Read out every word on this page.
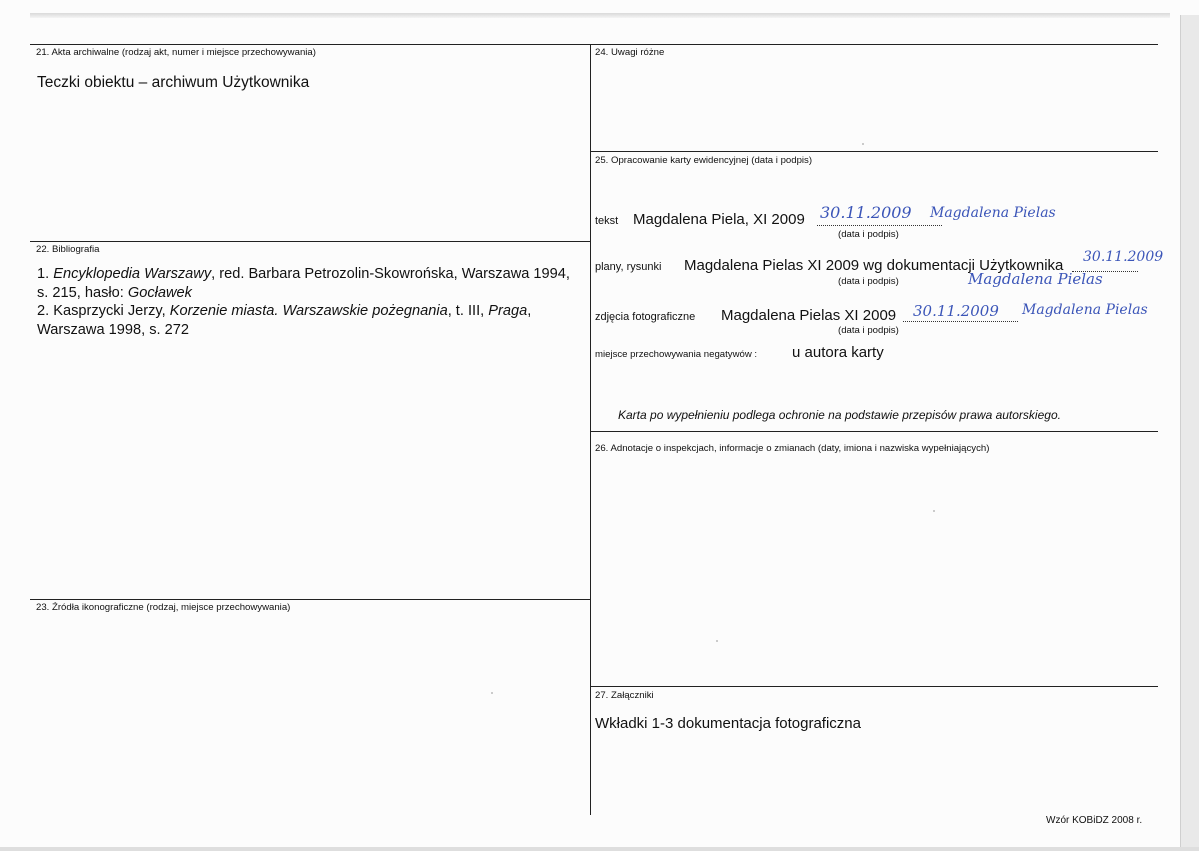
21. Akta archiwalne (rodzaj akt, numer i miejsce przechowywania)
Teczki obiektu – archiwum Użytkownika
22. Bibliografia

1. Encyklopedia Warszawy, red. Barbara Petrozolin-Skowrońska, Warszawa 1994, s. 215, hasło: Gocławek

2. Kasprzycki Jerzy, Korzenie miasta. Warszawskie pożegnania, t. III, Praga, Warszawa 1998, s. 272

23. Źródła ikonograficzne (rodzaj, miejsce przechowywania)
24. Uwagi różne
25. Opracowanie karty ewidencyjnej (data i podpis)
tekst Magdalena Piela, XI 2009 30.11.2009 Magdalena Pielas
(data i podpis)
plany, rysunki Magdalena Pielas XI 2009 wg dokumentacji Użytkownika 30.11.2009
Magdalena Pielas
(data i podpis)
zdjęcia fotograficzne Magdalena Pielas XI 2009 30.11.2009 Magdalena Pielas
(data i podpis)
miejsce przechowywania negatywów : u autora karty
Karta po wypełnieniu podlega ochronie na podstawie przepisów prawa autorskiego.
26. Adnotacje o inspekcjach, informacje o zmianach (daty, imiona i nazwiska wypełniających)
27. Załączniki
Wkładki 1-3 dokumentacja fotograficzna
Wzór KOBiDZ 2008 r.
